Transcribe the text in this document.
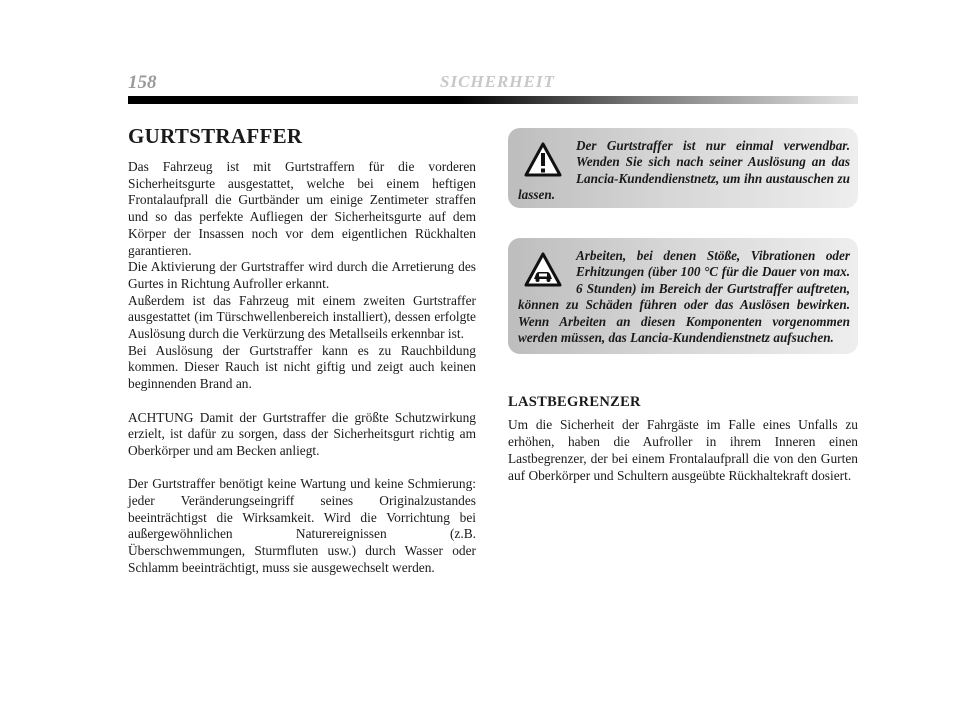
158	SICHERHEIT
GURTSTRAFFER

Das Fahrzeug ist mit Gurtstraffern für die vorderen Sicherheitsgurte ausgestattet, welche bei einem heftigen Frontalaufprall die Gurtbänder um einige Zentimeter straffen und so das perfekte Aufliegen der Sicherheitsgurte auf dem Körper der Insassen noch vor dem eigentlichen Rückhalten garantieren.

Die Aktivierung der Gurtstraffer wird durch die Arretierung des Gurtes in Richtung Aufroller erkannt.

Außerdem ist das Fahrzeug mit einem zweiten Gurtstraffer ausgestattet (im Türschwellenbereich installiert), dessen erfolgte Auslösung durch die Verkürzung des Metallseils erkennbar ist.

Bei Auslösung der Gurtstraffer kann es zu Rauchbildung kommen. Dieser Rauch ist nicht giftig und zeigt auch keinen beginnenden Brand an.

ACHTUNG Damit der Gurtstraffer die größte Schutzwirkung erzielt, ist dafür zu sorgen, dass der Sicherheitsgurt richtig am Oberkörper und am Becken anliegt.

Der Gurtstraffer benötigt keine Wartung und keine Schmierung: jeder Veränderungseingriff seines Originalzustandes beeinträchtigst die Wirksamkeit. Wird die Vorrichtung bei außergewöhnlichen Naturereignissen (z.B. Überschwemmungen, Sturmfluten usw.) durch Wasser oder Schlamm beeinträchtigt, muss sie ausgewechselt werden.

Der Gurtstraffer ist nur einmal verwendbar. Wenden Sie sich nach seiner Auslösung an das Lancia-Kundendienstnetz, um ihn austauschen zu lassen.
Arbeiten, bei denen Stöße, Vibrationen oder Erhitzungen (über 100 °C für die Dauer von max. 6 Stunden) im Bereich der Gurtstraffer auftreten, können zu Schäden führen oder das Auslösen bewirken. Wenn Arbeiten an diesen Komponenten vorgenommen werden müssen, das Lancia-Kundendienstnetz aufsuchen.
LASTBEGRENZER

Um die Sicherheit der Fahrgäste im Falle eines Unfalls zu erhöhen, haben die Aufroller in ihrem Inneren einen Lastbegrenzer, der bei einem Frontalaufprall die von den Gurten auf Oberkörper und Schultern ausgeübte Rückhaltekraft dosiert.
